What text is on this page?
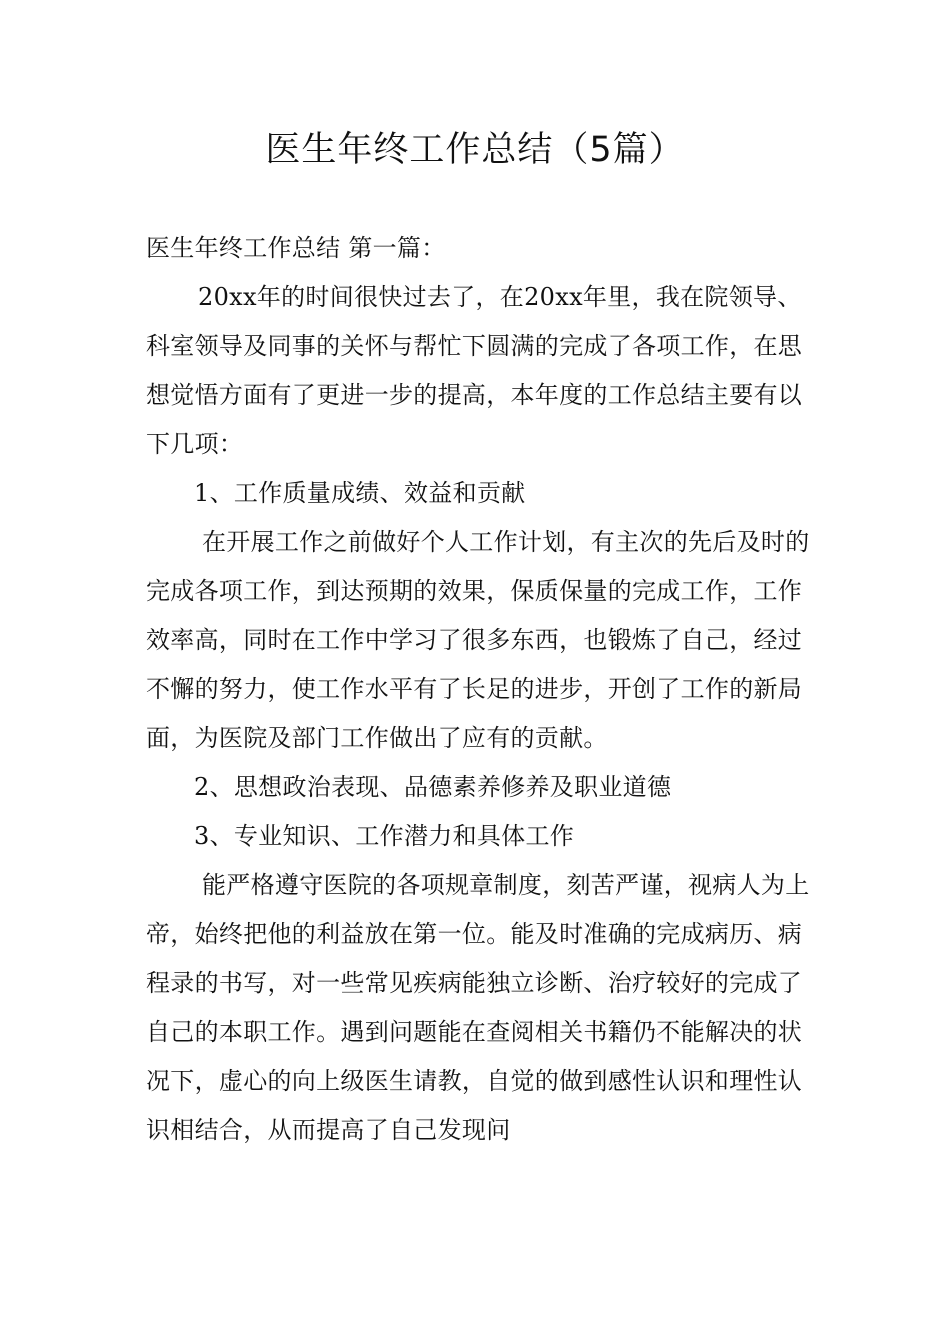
医生年终工作总结（5篇）

医生年终工作总结 第一篇：

20xx年的时间很快过去了，在20xx年里，我在院领导、科室领导及同事的关怀与帮忙下圆满的完成了各项工作，在思想觉悟方面有了更进一步的提高，本年度的工作总结主要有以下几项：

1、工作质量成绩、效益和贡献

在开展工作之前做好个人工作计划，有主次的先后及时的完成各项工作，到达预期的效果，保质保量的完成工作，工作效率高，同时在工作中学习了很多东西，也锻炼了自己，经过不懈的努力，使工作水平有了长足的进步，开创了工作的新局面，为医院及部门工作做出了应有的贡献。

2、思想政治表现、品德素养修养及职业道德

3、专业知识、工作潜力和具体工作

能严格遵守医院的各项规章制度，刻苦严谨，视病人为上帝，始终把他的利益放在第一位。能及时准确的完成病历、病程录的书写，对一些常见疾病能独立诊断、治疗较好的完成了自己的本职工作。遇到问题能在查阅相关书籍仍不能解决的状况下，虚心的向上级医生请教，自觉的做到感性认识和理性认识相结合，从而提高了自己发现问
